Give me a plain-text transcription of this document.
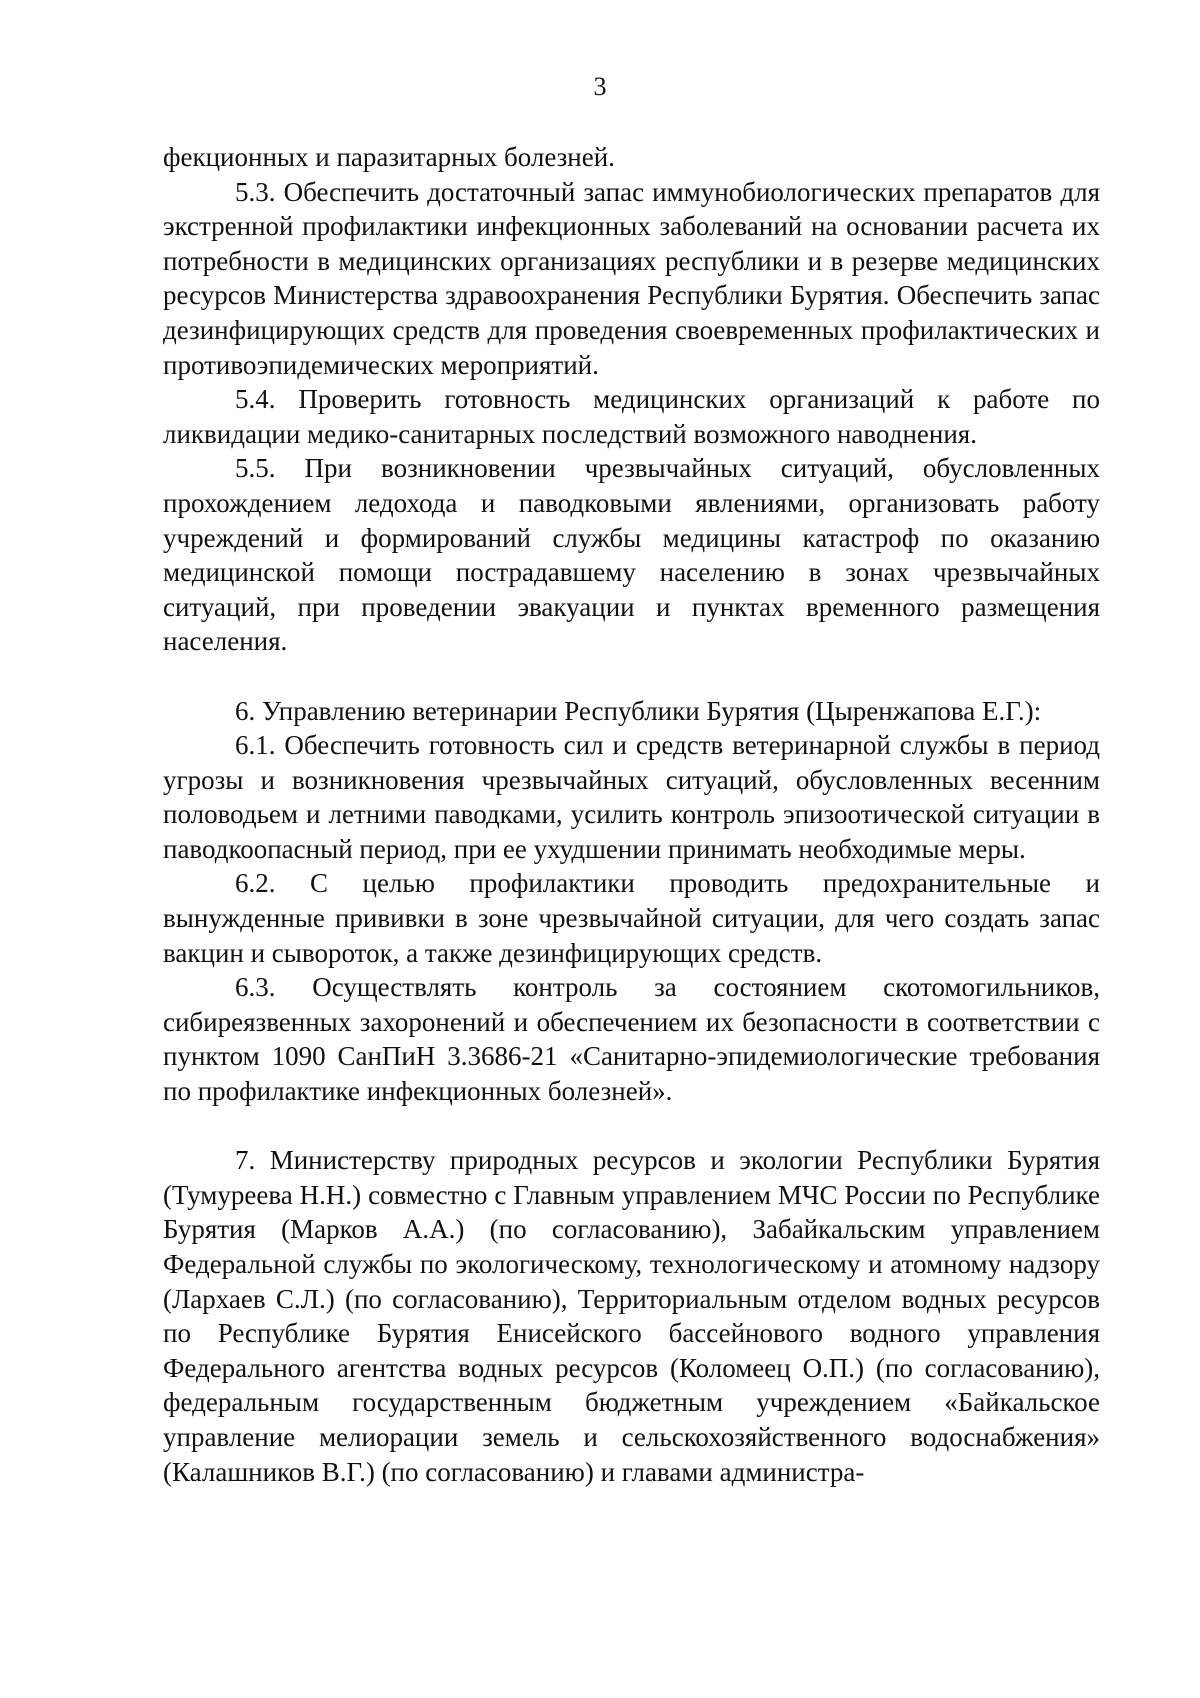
3

фекционных и паразитарных болезней.

5.3. Обеспечить достаточный запас иммунобиологических препаратов для экстренной профилактики инфекционных заболеваний на основании расчета их потребности в медицинских организациях республики и в резерве медицинских ресурсов Министерства здравоохранения Республики Бурятия. Обеспечить запас дезинфицирующих средств для проведения своевременных профилактических и противоэпидемических мероприятий.

5.4. Проверить готовность медицинских организаций к работе по ликвидации медико-санитарных последствий возможного наводнения.

5.5. При возникновении чрезвычайных ситуаций, обусловленных прохождением ледохода и паводковыми явлениями, организовать работу учреждений и формирований службы медицины катастроф по оказанию медицинской помощи пострадавшему населению в зонах чрезвычайных ситуаций, при проведении эвакуации и пунктах временного размещения населения.

6. Управлению ветеринарии Республики Бурятия (Цыренжапова Е.Г.):

6.1. Обеспечить готовность сил и средств ветеринарной службы в период угрозы и возникновения чрезвычайных ситуаций, обусловленных весенним половодьем и летними паводками, усилить контроль эпизоотической ситуации в паводкоопасный период, при ее ухудшении принимать необходимые меры.

6.2. С целью профилактики проводить предохранительные и вынужденные прививки в зоне чрезвычайной ситуации, для чего создать запас вакцин и сывороток, а также дезинфицирующих средств.

6.3. Осуществлять контроль за состоянием скотомогильников, сибиреязвенных захоронений и обеспечением их безопасности в соответствии с пунктом 1090 СанПиН 3.3686-21 «Санитарно-эпидемиологические требования по профилактике инфекционных болезней».

7. Министерству природных ресурсов и экологии Республики Бурятия (Тумуреева Н.Н.) совместно с Главным управлением МЧС России по Республике Бурятия (Марков А.А.) (по согласованию), Забайкальским управлением Федеральной службы по экологическому, технологическому и атомному надзору (Лархаев С.Л.) (по согласованию), Территориальным отделом водных ресурсов по Республике Бурятия Енисейского бассейнового водного управления Федерального агентства водных ресурсов (Коломеец О.П.) (по согласованию), федеральным государственным бюджетным учреждением «Байкальское управление мелиорации земель и сельскохозяйственного водоснабжения» (Калашников В.Г.) (по согласованию) и главами администра-
